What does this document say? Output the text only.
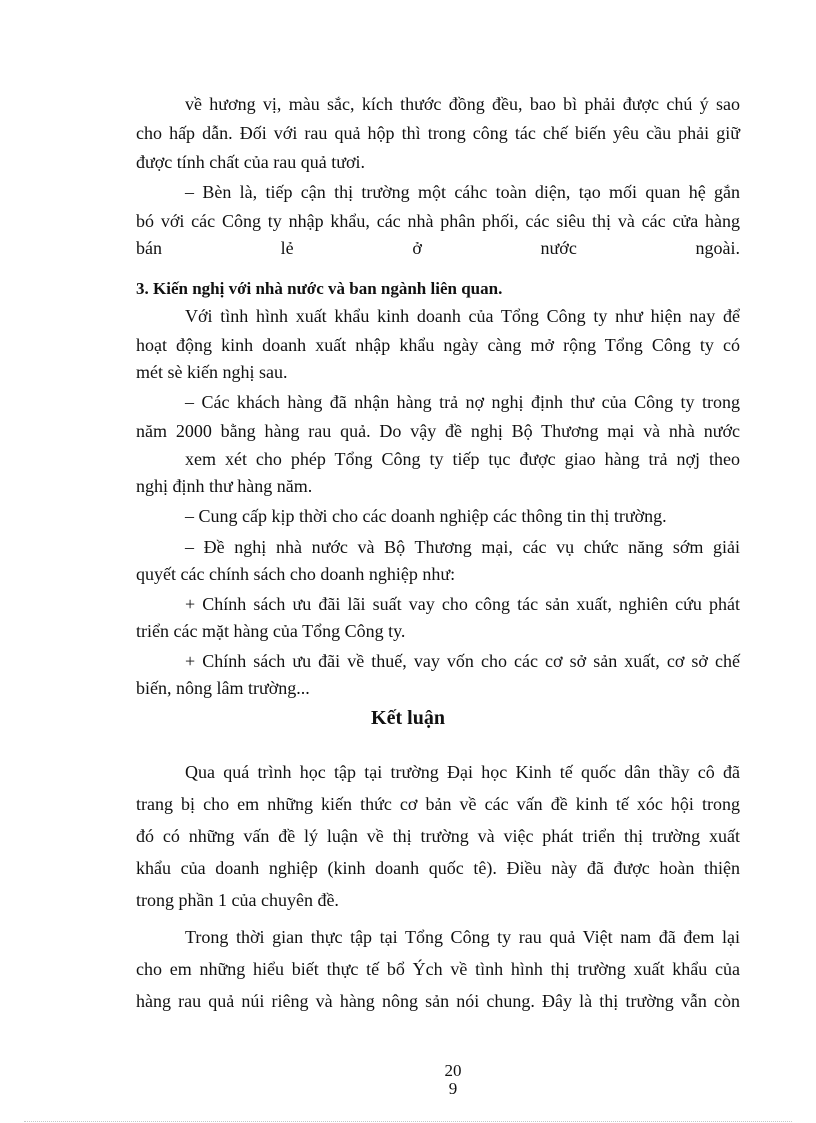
về hương vị, màu sắc, kích thước đồng đều, bao bì phải được chú ý sao
cho hấp dẫn. Đối với rau quả hộp thì trong công tác chế biến yêu cầu phải giữ
được tính chất của rau quả tươi.
– Bèn là, tiếp cận thị trường một cáhc toàn diện, tạo mối quan hệ gắn
bó với các Công ty nhập khẩu, các nhà phân phối, các siêu thị và các cửa hàng
bán lẻ ở nước ngoài.
3. Kiến nghị với nhà nước và ban ngành liên quan.
Với tình hình xuất khẩu kinh doanh của Tổng Công ty như hiện nay để
hoạt động kinh doanh xuất nhập khẩu ngày càng mở rộng Tổng Công ty có
mét sè kiến nghị sau.
– Các khách hàng đã nhận hàng trả nợ nghị định thư của Công ty trong
năm 2000 bằng hàng rau quả. Do vậy đề nghị Bộ Thương mại và nhà nước
xem xét cho phép Tổng Công ty tiếp tục được giao hàng trả nợj theo
nghị định thư hàng năm.
– Cung cấp kịp thời cho các doanh nghiệp các thông tin thị trường.
– Đề nghị nhà nước và Bộ Thương mại, các vụ chức năng sớm giải
quyết các chính sách cho doanh nghiệp như:
+ Chính sách ưu đãi lãi suất vay cho công tác sản xuất, nghiên cứu phát
triển các mặt hàng của Tổng Công ty.
+ Chính sách ưu đãi về thuế, vay vốn cho các cơ sở sản xuất, cơ sở chế
biến, nông lâm trường...
Kết luận
Qua quá trình học tập tại trường Đại học Kinh tế quốc dân thầy cô đã
trang bị cho em những kiến thức cơ bản về các vấn đề kinh tế xóc hội trong
đó có những vấn đề lý luận về thị trường và việc phát triển thị trường xuất
khẩu của doanh nghiệp (kinh doanh quốc tê). Điều này đã được hoàn thiện
trong phần 1 của chuyên đề.
Trong thời gian thực tập tại Tổng Công ty rau quả Việt nam đã đem lại
cho em những hiểu biết thực tế bổ Ých về tình hình thị trường xuất khẩu của
hàng rau quả núi riêng và hàng nông sản nói chung. Đây là thị trường vẫn còn
20
9
